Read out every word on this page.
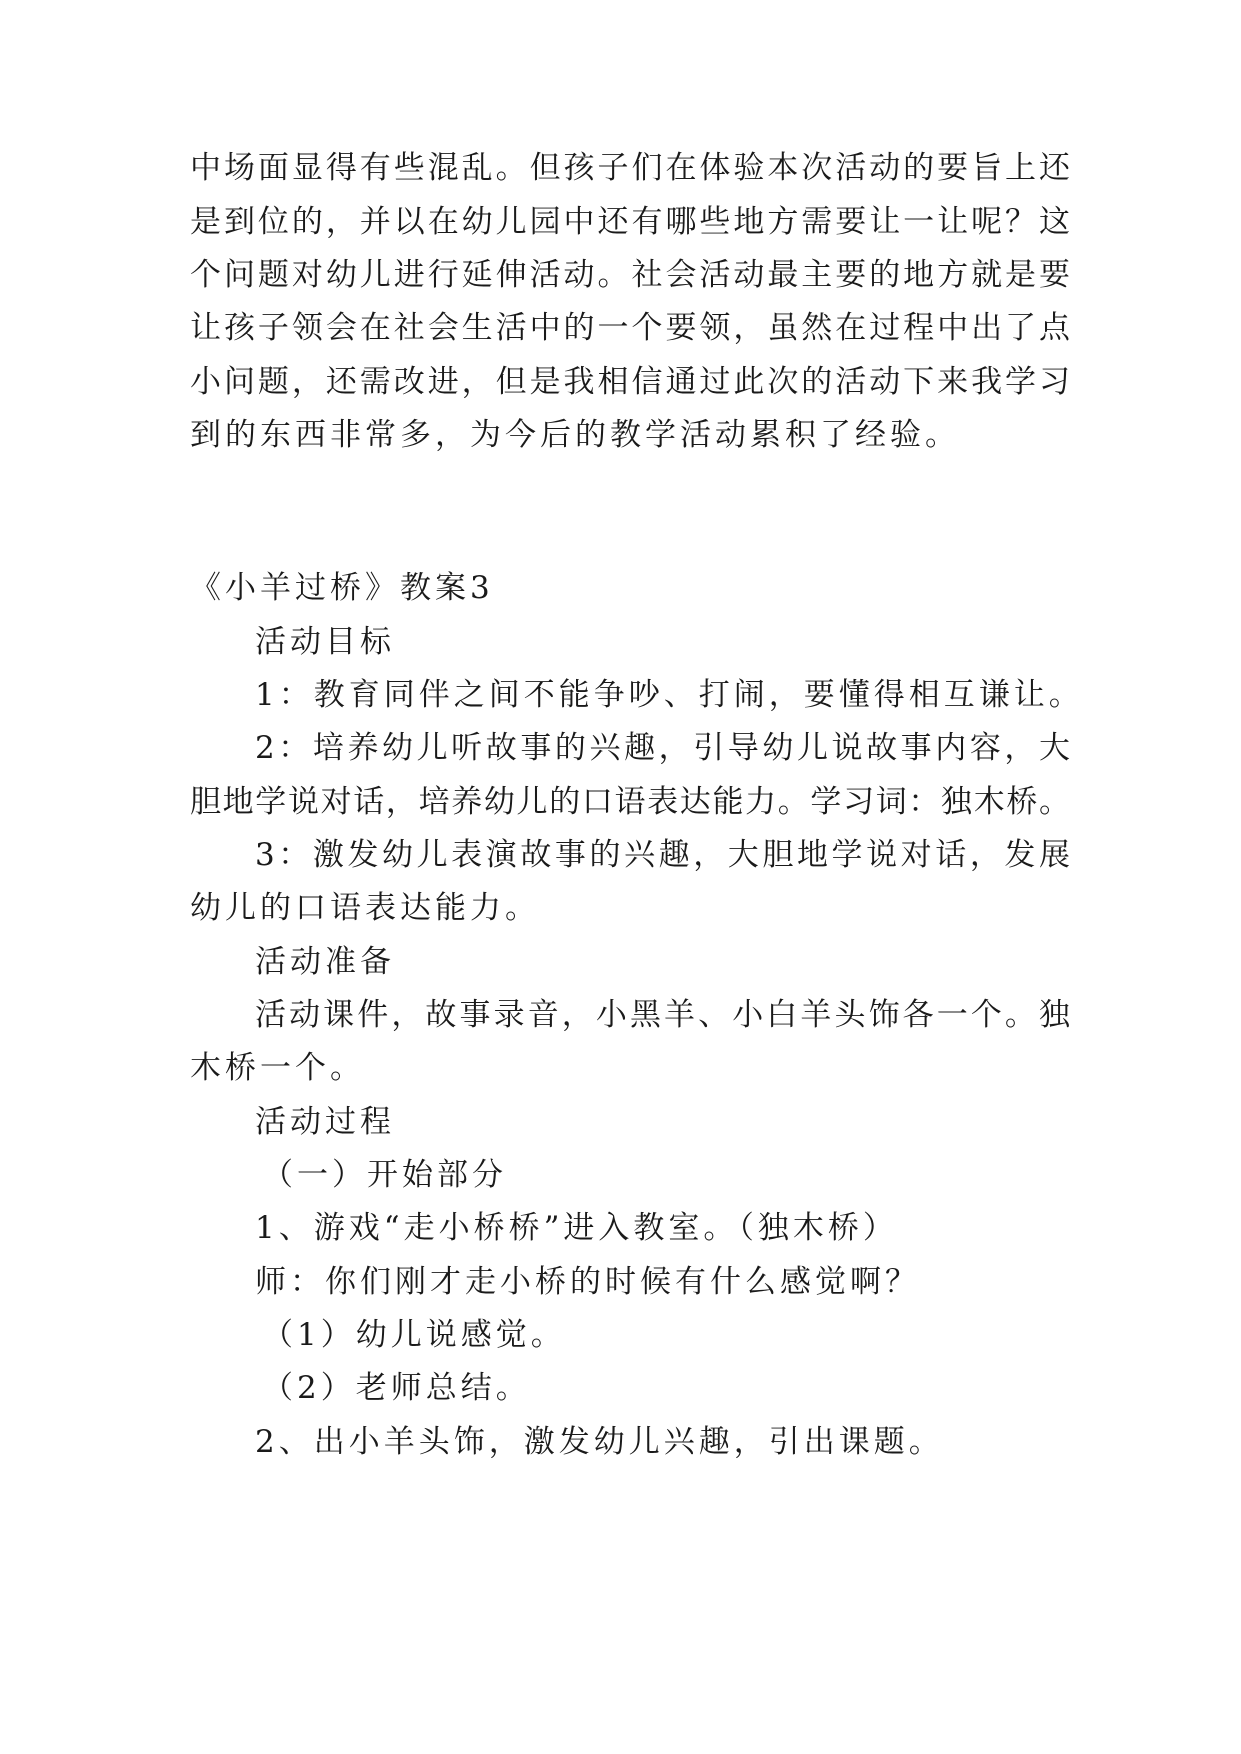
中场面显得有些混乱。但孩子们在体验本次活动的要旨上还
是到位的，并以在幼儿园中还有哪些地方需要让一让呢？这
个问题对幼儿进行延伸活动。社会活动最主要的地方就是要
让孩子领会在社会生活中的一个要领，虽然在过程中出了点
小问题，还需改进，但是我相信通过此次的活动下来我学习
到的东西非常多，为今后的教学活动累积了经验。
《小羊过桥》教案3
活动目标
1：教育同伴之间不能争吵、打闹，要懂得相互谦让。
2：培养幼儿听故事的兴趣，引导幼儿说故事内容，大
胆地学说对话，培养幼儿的口语表达能力。学习词：独木桥。
3：激发幼儿表演故事的兴趣，大胆地学说对话，发展
幼儿的口语表达能力。
活动准备
活动课件，故事录音，小黑羊、小白羊头饰各一个。独
木桥一个。
活动过程
（一）开始部分
1、游戏“走小桥桥”进入教室。（独木桥）
师：你们刚才走小桥的时候有什么感觉啊？
（1）幼儿说感觉。
（2）老师总结。
2、出小羊头饰，激发幼儿兴趣，引出课题。
